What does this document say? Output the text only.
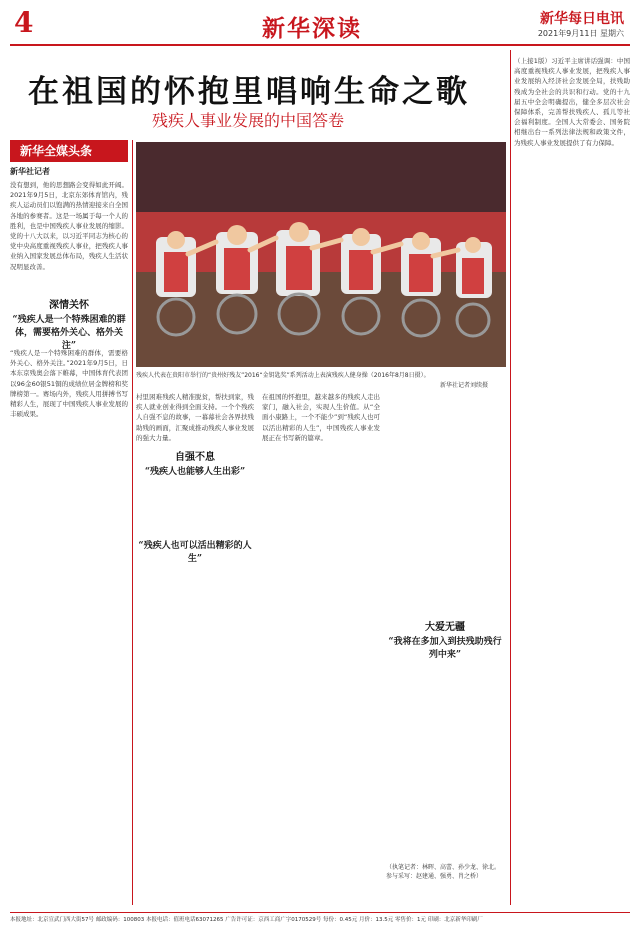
4	新华深读	新华每日电讯
2021年9月11日 星期六
在祖国的怀抱里唱响生命之歌
残疾人事业发展的中国答卷
新华全媒头条
新华社记者
没有想到，他的思想路会变得如此开阔。2021年9月5日，北京东郊体育馆内，残疾人运动员们以饱满的热情迎接来自全国各地的参赛者。这是一场属于每一个人的胜利，也是中国残疾人事业发展的缩影。党的十八大以来，以习近平同志为核心的党中央高度重视残疾人事业，把残疾人事业纳入国家发展总体布局，残疾人生活状况明显改善。
深情关怀
“残疾人是一个特殊困难的群体，需要格外关心、格外关注”
“残疾人是一个特殊困难的群体，需要格外关心、格外关注。”2021年9月5日，日本东京残奥会落下帷幕，中国体育代表团以96金60银51铜的成绩位居金牌榜和奖牌榜第一。赛场内外，残疾人用拼搏书写精彩人生，展现了中国残疾人事业发展的丰硕成果。
残疾人代表在贵阳市举行的“贵州好残友”2016“金钥匙奖”系列活动上表演残疾人健身操（2016年8月8日摄）。
新华社记者刘续摄
村里困难残疾人精准脱贫，帮扶到家，残疾人就业创业得到全面支持。一个个残疾人自强不息的故事，一幕幕社会各界扶残助残的画面，汇聚成推动残疾人事业发展的强大力量。
自强不息
“残疾人也能够人生出彩”
“残疾人也可以活出精彩的人生”
在祖国的怀抱里，越来越多的残疾人走出家门，融入社会，实现人生价值。从“全面小康路上，一个不能少”到“残疾人也可以活出精彩的人生”，中国残疾人事业发展正在书写新的篇章。
大爱无疆
“我将在多加入到扶残助残行列中来”
（执笔记者：林晖、高蕾、孙少龙、徐北。参与采写：赵建通、强勇、肖之桥）
（上接1版）习近平主席讲话强调：中国高度重视残疾人事业发展，把残疾人事业发展纳入经济社会发展全局，扶残助残成为全社会的共识和行动。党的十九届五中全会明确提出，健全多层次社会保障体系，完善帮扶残疾人、孤儿等社会福利制度。全国人大常委会、国务院相继出台一系列法律法规和政策文件，为残疾人事业发展提供了有力保障。
本报地址：北京宣武门西大街57号 邮政编码：100803 本报电话：值班电话63071265 广告许可证：京西工商广字0170529号 每份：0.45元 月价：13.5元 零售价：1元 印刷：北京新华印刷厂
